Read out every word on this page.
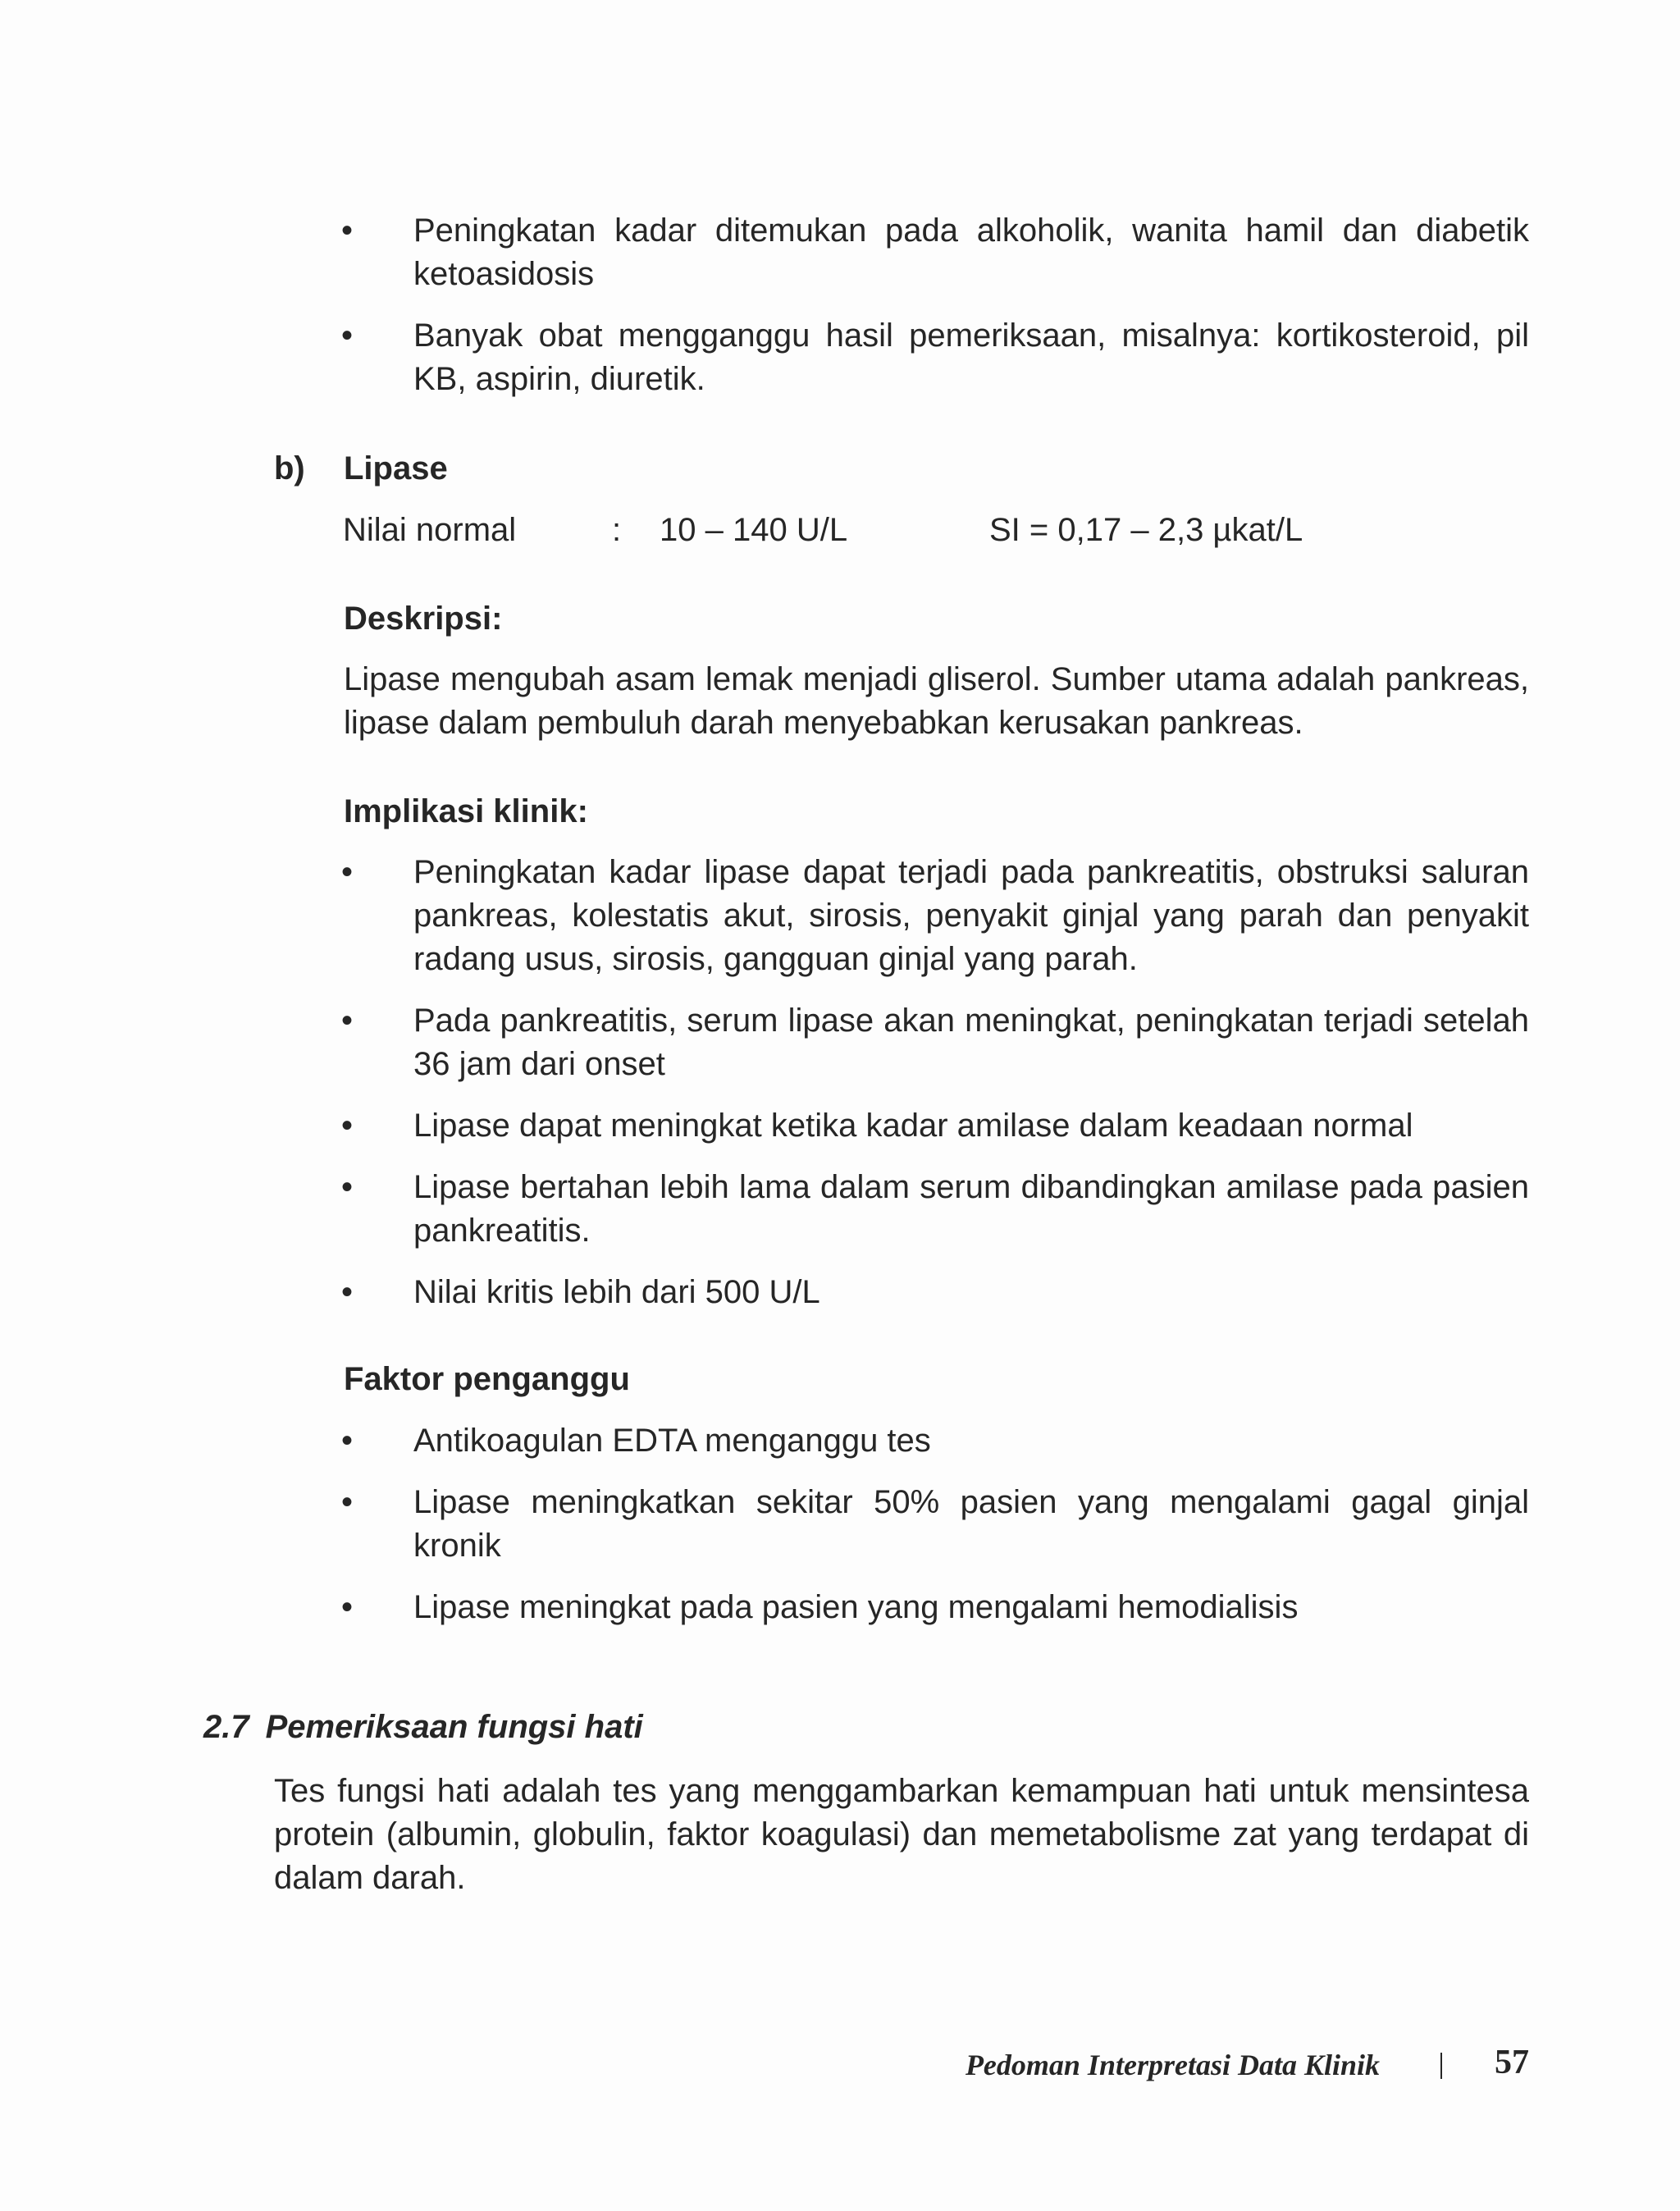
•	Peningkatan kadar ditemukan pada alkoholik, wanita hamil dan diabetik ketoasidosis
•	Banyak obat mengganggu hasil pemeriksaan, misalnya: kortikosteroid, pil KB, aspirin, diuretik.
b) Lipase
Nilai normal	: 10 – 140 U/L	SI = 0,17 – 2,3 µkat/L
Deskripsi:

Lipase mengubah asam lemak menjadi gliserol. Sumber utama adalah pankreas, lipase dalam pembuluh darah menyebabkan kerusakan pankreas.

Implikasi klinik:
•	Peningkatan kadar lipase dapat terjadi pada pankreatitis, obstruksi saluran pankreas, kolestatis akut, sirosis, penyakit ginjal yang parah dan penyakit radang usus, sirosis, gangguan ginjal yang parah.
•	Pada pankreatitis, serum lipase akan meningkat, peningkatan terjadi setelah 36 jam dari onset
•	Lipase dapat meningkat ketika kadar amilase dalam keadaan normal
•	Lipase bertahan lebih lama dalam serum dibandingkan amilase pada pasien pankreatitis.
•	Nilai kritis lebih dari 500 U/L
Faktor penganggu
•	Antikoagulan EDTA menganggu tes
•	Lipase meningkatkan sekitar 50% pasien yang mengalami gagal ginjal kronik
•	Lipase meningkat pada pasien yang mengalami hemodialisis
2.7 Pemeriksaan fungsi hati

Tes fungsi hati adalah tes yang menggambarkan kemampuan hati untuk mensintesa protein (albumin, globulin, faktor koagulasi) dan memetabolisme zat yang terdapat di dalam darah.

Pedoman Interpretasi Data Klinik	57
